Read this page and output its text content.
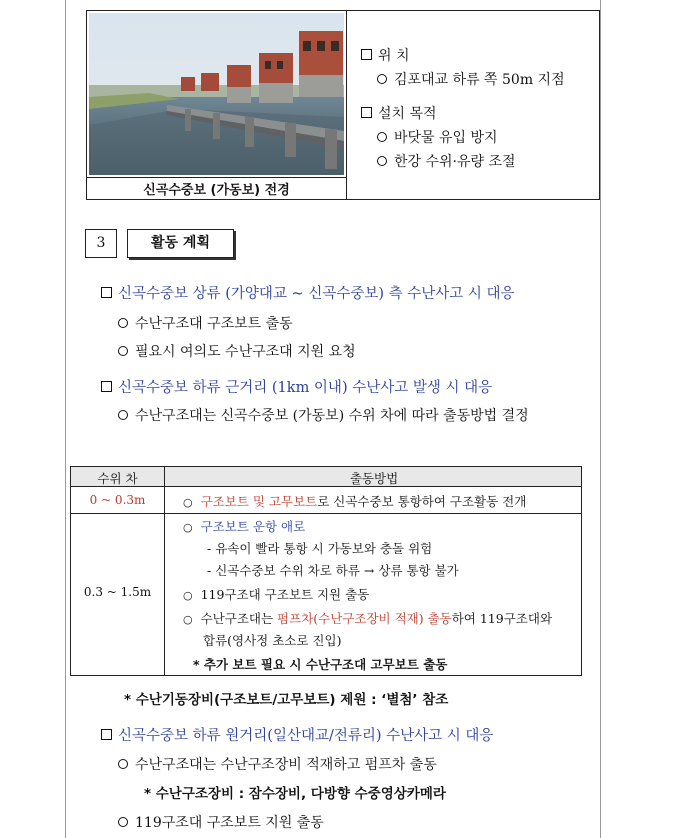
신곡수중보 (가동보) 전경
위 치
김포대교 하류 쪽 50m 지점
설치 목적
바닷물 유입 방지
한강 수위·유량 조절
3	활동 계획
신곡수중보 상류 (가양대교 ~ 신곡수중보) 측 수난사고 시 대응
수난구조대 구조보트 출동
필요시 여의도 수난구조대 지원 요청
신곡수중보 하류 근거리 (1km 이내) 수난사고 발생 시 대응
수난구조대는 신곡수중보 (가동보) 수위 차에 따라 출동방법 결정
수위 차	출동방법
0 ~ 0.3m
○	구조보트 및 고무보트로 신곡수중보 통항하여 구조활동 전개
0.3 ~ 1.5m
○ 구조보트 운항 애로
- 유속이 빨라 통항 시 가동보와 충돌 위험
- 신곡수중보 수위 차로 하류 → 상류 통항 불가
○ 119구조대 구조보트 지원 출동
○ 수난구조대는 펌프차(수난구조장비 적재) 출동하여 119구조대와
합류(영사정 초소로 진입)
* 추가 보트 필요 시 수난구조대 고무보트 출동
* 수난기동장비(구조보트/고무보트) 제원 : ‘별첨’ 참조
신곡수중보 하류 원거리(일산대교/전류리) 수난사고 시 대응
수난구조대는 수난구조장비 적재하고 펌프차 출동
* 수난구조장비 : 잠수장비, 다방향 수중영상카메라
119구조대 구조보트 지원 출동
